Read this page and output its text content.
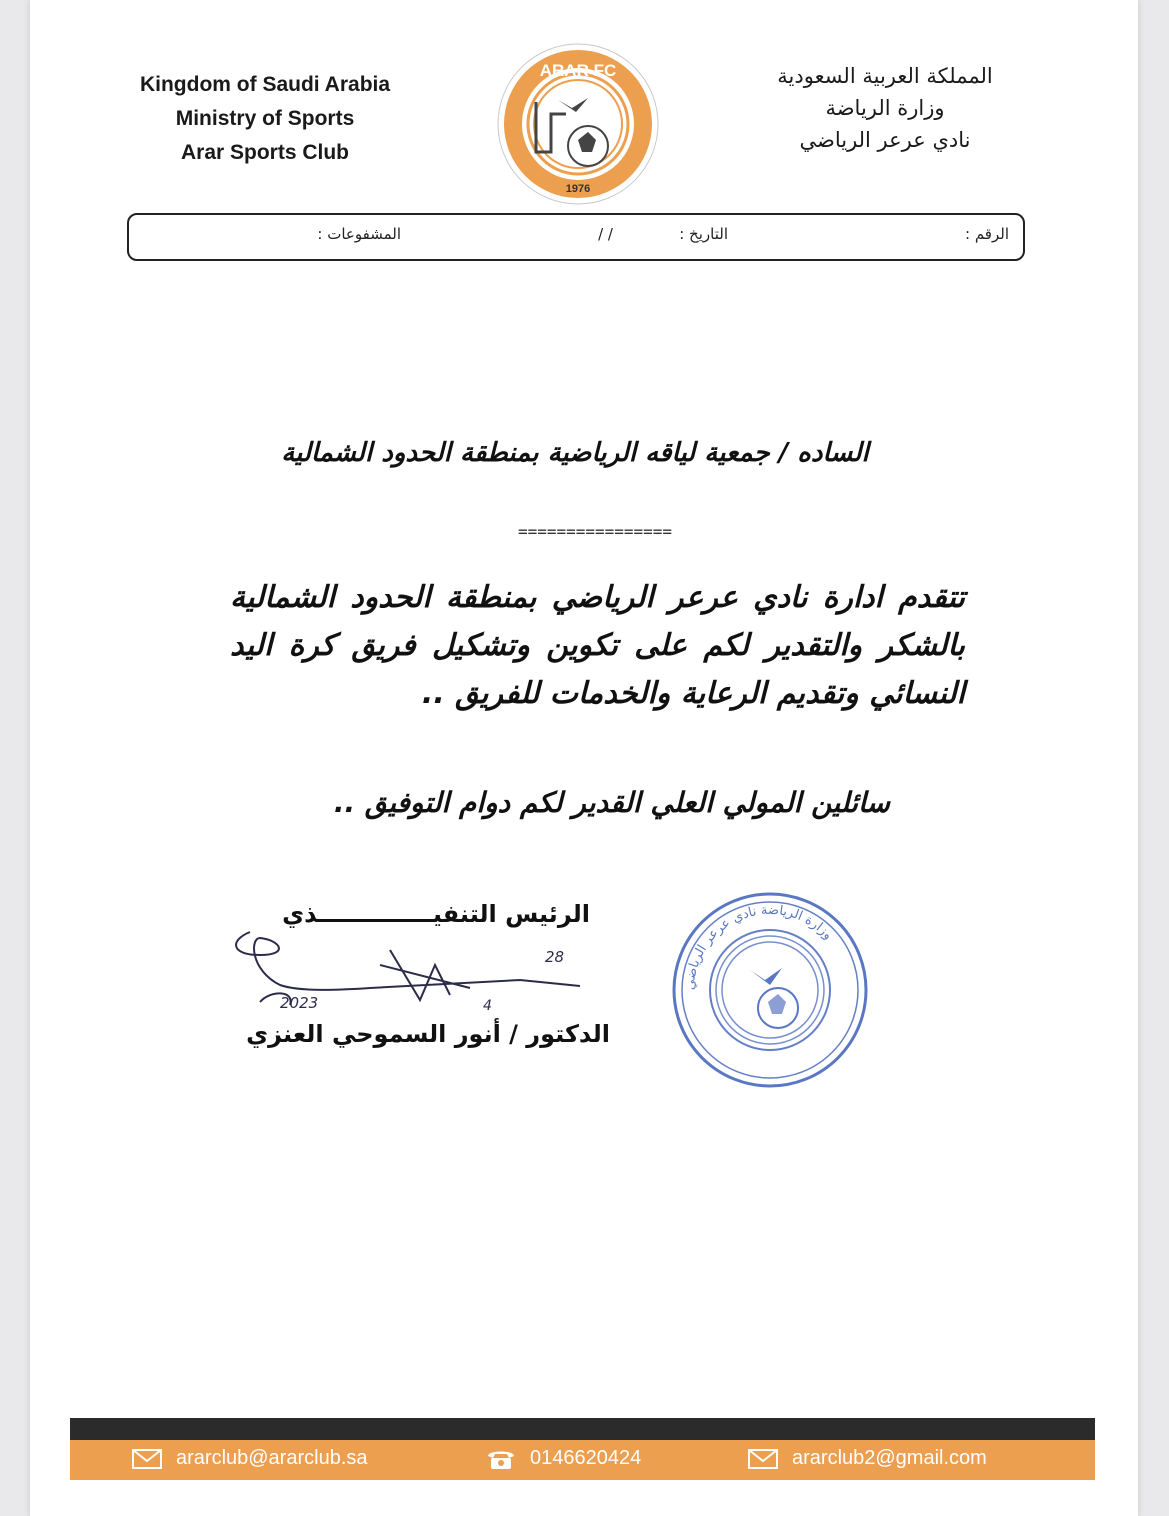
Kingdom of Saudi Arabia
Ministry of Sports
Arar Sports Club
ARAR FC
1976
المملكة العربية السعودية
وزارة الرياضة
نادي عرعر الرياضي
الرقم :
التاريخ :
/ /
المشفوعات :
الساده / جمعية لياقه الرياضية بمنطقة الحدود الشمالية
================
تتقدم ادارة نادي عرعر الرياضي بمنطقة الحدود الشمالية بالشكر والتقدير لكم على تكوين وتشكيل فريق كرة اليد النسائي وتقديم الرعاية والخدمات للفريق ..
سائلين المولي العلي القدير لكم دوام التوفيق ..
الرئيس التنفيــــــــــــــذي
2023
28
4
الدكتور / أنور السموحي العنزي
وزارة الرياضة نادي عرعر الرياضي
ararclub@ararclub.sa	0146620424	ararclub2@gmail.com
